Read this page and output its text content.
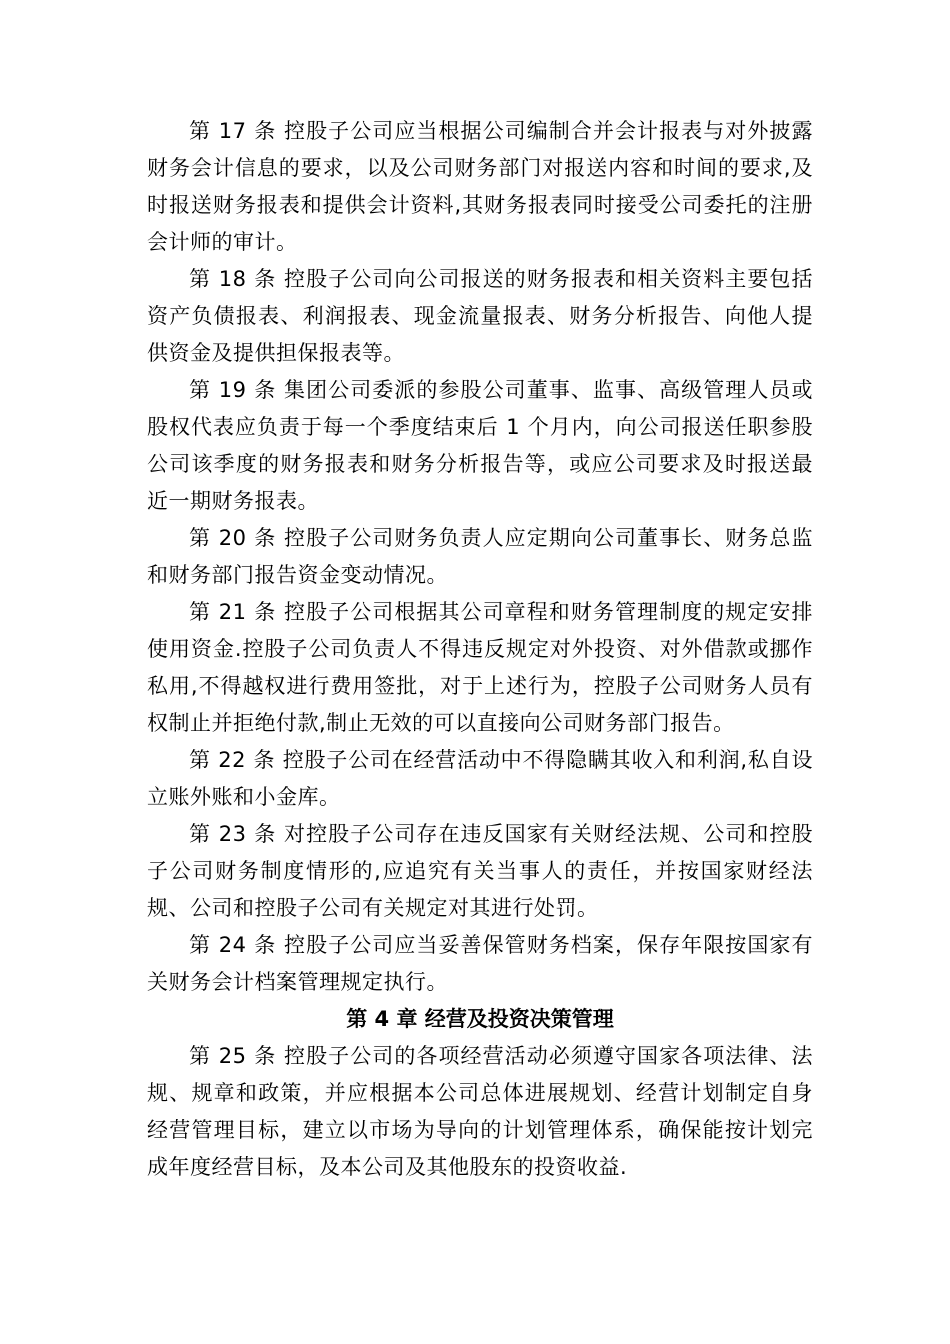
第 17 条 控股子公司应当根据公司编制合并会计报表与对外披露财务会计信息的要求，以及公司财务部门对报送内容和时间的要求,及时报送财务报表和提供会计资料,其财务报表同时接受公司委托的注册会计师的审计。

第 18 条 控股子公司向公司报送的财务报表和相关资料主要包括资产负债报表、利润报表、现金流量报表、财务分析报告、向他人提供资金及提供担保报表等。

第 19 条 集团公司委派的参股公司董事、监事、高级管理人员或股权代表应负责于每一个季度结束后 1 个月内，向公司报送任职参股公司该季度的财务报表和财务分析报告等，或应公司要求及时报送最近一期财务报表。

第 20 条 控股子公司财务负责人应定期向公司董事长、财务总监和财务部门报告资金变动情况。

第 21 条 控股子公司根据其公司章程和财务管理制度的规定安排使用资金.控股子公司负责人不得违反规定对外投资、对外借款或挪作私用,不得越权进行费用签批，对于上述行为，控股子公司财务人员有权制止并拒绝付款,制止无效的可以直接向公司财务部门报告。

第 22 条 控股子公司在经营活动中不得隐瞒其收入和利润,私自设立账外账和小金库。

第 23 条 对控股子公司存在违反国家有关财经法规、公司和控股子公司财务制度情形的,应追究有关当事人的责任，并按国家财经法规、公司和控股子公司有关规定对其进行处罚。

第 24 条 控股子公司应当妥善保管财务档案，保存年限按国家有关财务会计档案管理规定执行。

第 4 章 经营及投资决策管理

第 25 条 控股子公司的各项经营活动必须遵守国家各项法律、法规、规章和政策，并应根据本公司总体进展规划、经营计划制定自身经营管理目标，建立以市场为导向的计划管理体系，确保能按计划完成年度经营目标，及本公司及其他股东的投资收益.
